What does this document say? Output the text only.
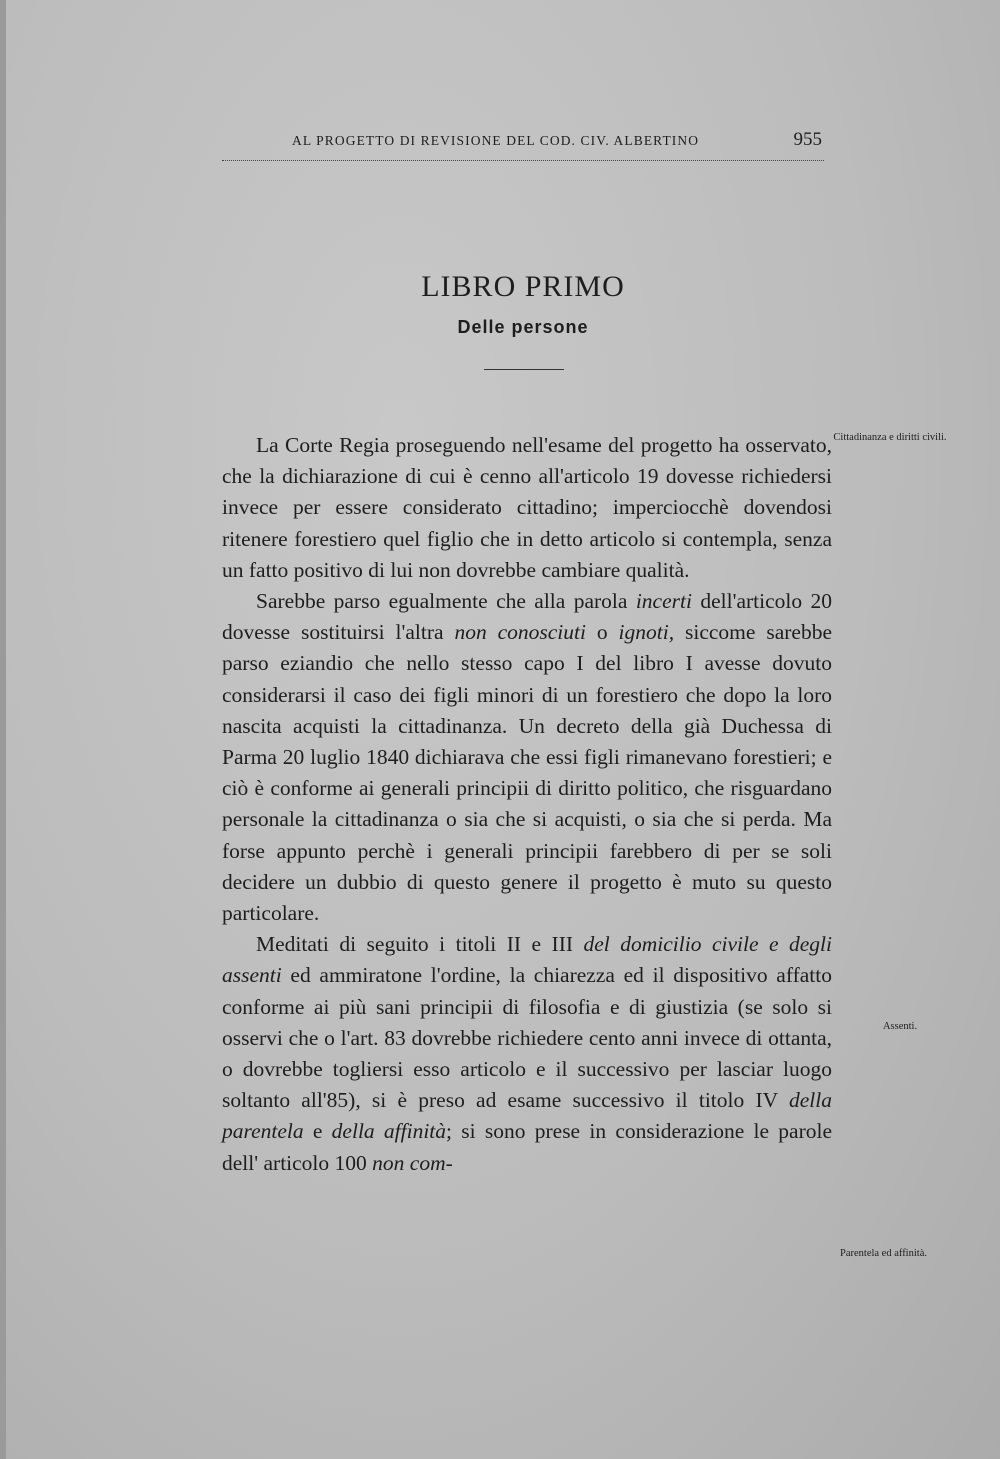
AL PROGETTO DI REVISIONE DEL COD. CIV. ALBERTINO	955
LIBRO PRIMO
Delle persone

La Corte Regia proseguendo nell'esame del progetto ha osservato, che la dichiarazione di cui è cenno all'articolo 19 dovesse richiedersi invece per essere considerato cittadino; imperciocchè dovendosi ritenere forestiero quel figlio che in detto articolo si contempla, senza un fatto positivo di lui non dovrebbe cambiare qualità.

Sarebbe parso egualmente che alla parola incerti dell'articolo 20 dovesse sostituirsi l'altra non conosciuti o ignoti, siccome sarebbe parso eziandio che nello stesso capo I del libro I avesse dovuto considerarsi il caso dei figli minori di un forestiero che dopo la loro nascita acquisti la cittadinanza. Un decreto della già Duchessa di Parma 20 luglio 1840 dichiarava che essi figli rimanevano forestieri; e ciò è conforme ai generali principii di diritto politico, che risguardano personale la cittadinanza o sia che si acquisti, o sia che si perda. Ma forse appunto perchè i generali principii farebbero di per se soli decidere un dubbio di questo genere il progetto è muto su questo particolare.

Meditati di seguito i titoli II e III del domicilio civile e degli assenti ed ammiratone l'ordine, la chiarezza ed il dispositivo affatto conforme ai più sani principii di filosofia e di giustizia (se solo si osservi che o l'art. 83 dovrebbe richiedere cento anni invece di ottanta, o dovrebbe togliersi esso articolo e il successivo per lasciar luogo soltanto all'85), si è preso ad esame successivo il titolo IV della parentela e della affinità; si sono prese in considerazione le parole dell' articolo 100 non com-

Cittadinanza e diritti civili.
Assenti.
Parentela ed affinità.
